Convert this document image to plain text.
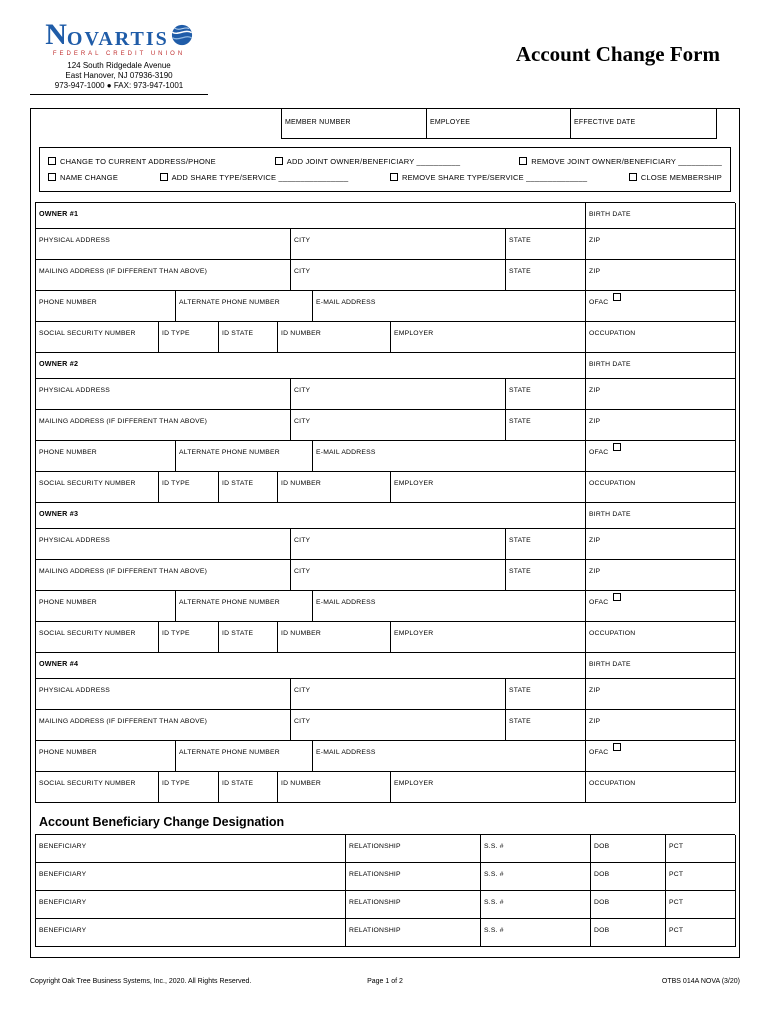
N OVARTIS
FEDERAL CREDIT UNION
124 South Ridgedale Avenue
East Hanover, NJ 07936-3190
973-947-1000 ● FAX: 973-947-1001
Account Change Form
MEMBER NUMBER	EMPLOYEE	EFFECTIVE DATE
CHANGE TO CURRENT ADDRESS/PHONE	ADD JOINT OWNER/BENEFICIARY __________	REMOVE JOINT OWNER/BENEFICIARY __________
NAME CHANGE	ADD SHARE TYPE/SERVICE ________________	REMOVE SHARE TYPE/SERVICE ______________	CLOSE MEMBERSHIP
OWNER #1	BIRTH DATE
PHYSICAL ADDRESS	CITY	STATE	ZIP
MAILING ADDRESS (IF DIFFERENT THAN ABOVE)	CITY	STATE	ZIP
PHONE NUMBER	ALTERNATE PHONE NUMBER	E-MAIL ADDRESS	OFAC
SOCIAL SECURITY NUMBER	ID TYPE	ID STATE	ID NUMBER	EMPLOYER	OCCUPATION
OWNER #2	BIRTH DATE
PHYSICAL ADDRESS	CITY	STATE	ZIP
MAILING ADDRESS (IF DIFFERENT THAN ABOVE)	CITY	STATE	ZIP
PHONE NUMBER	ALTERNATE PHONE NUMBER	E-MAIL ADDRESS	OFAC
SOCIAL SECURITY NUMBER	ID TYPE	ID STATE	ID NUMBER	EMPLOYER	OCCUPATION
OWNER #3	BIRTH DATE
PHYSICAL ADDRESS	CITY	STATE	ZIP
MAILING ADDRESS (IF DIFFERENT THAN ABOVE)	CITY	STATE	ZIP
PHONE NUMBER	ALTERNATE PHONE NUMBER	E-MAIL ADDRESS	OFAC
SOCIAL SECURITY NUMBER	ID TYPE	ID STATE	ID NUMBER	EMPLOYER	OCCUPATION
OWNER #4	BIRTH DATE
PHYSICAL ADDRESS	CITY	STATE	ZIP
MAILING ADDRESS (IF DIFFERENT THAN ABOVE)	CITY	STATE	ZIP
PHONE NUMBER	ALTERNATE PHONE NUMBER	E-MAIL ADDRESS	OFAC
SOCIAL SECURITY NUMBER	ID TYPE	ID STATE	ID NUMBER	EMPLOYER	OCCUPATION
Account Beneficiary Change Designation
BENEFICIARY	RELATIONSHIP	S.S. #	DOB	PCT
BENEFICIARY	RELATIONSHIP	S.S. #	DOB	PCT
BENEFICIARY	RELATIONSHIP	S.S. #	DOB	PCT
BENEFICIARY	RELATIONSHIP	S.S. #	DOB	PCT
Copyright Oak Tree Business Systems, Inc., 2020. All Rights Reserved.	Page 1 of 2	OTBS 014A NOVA (3/20)
